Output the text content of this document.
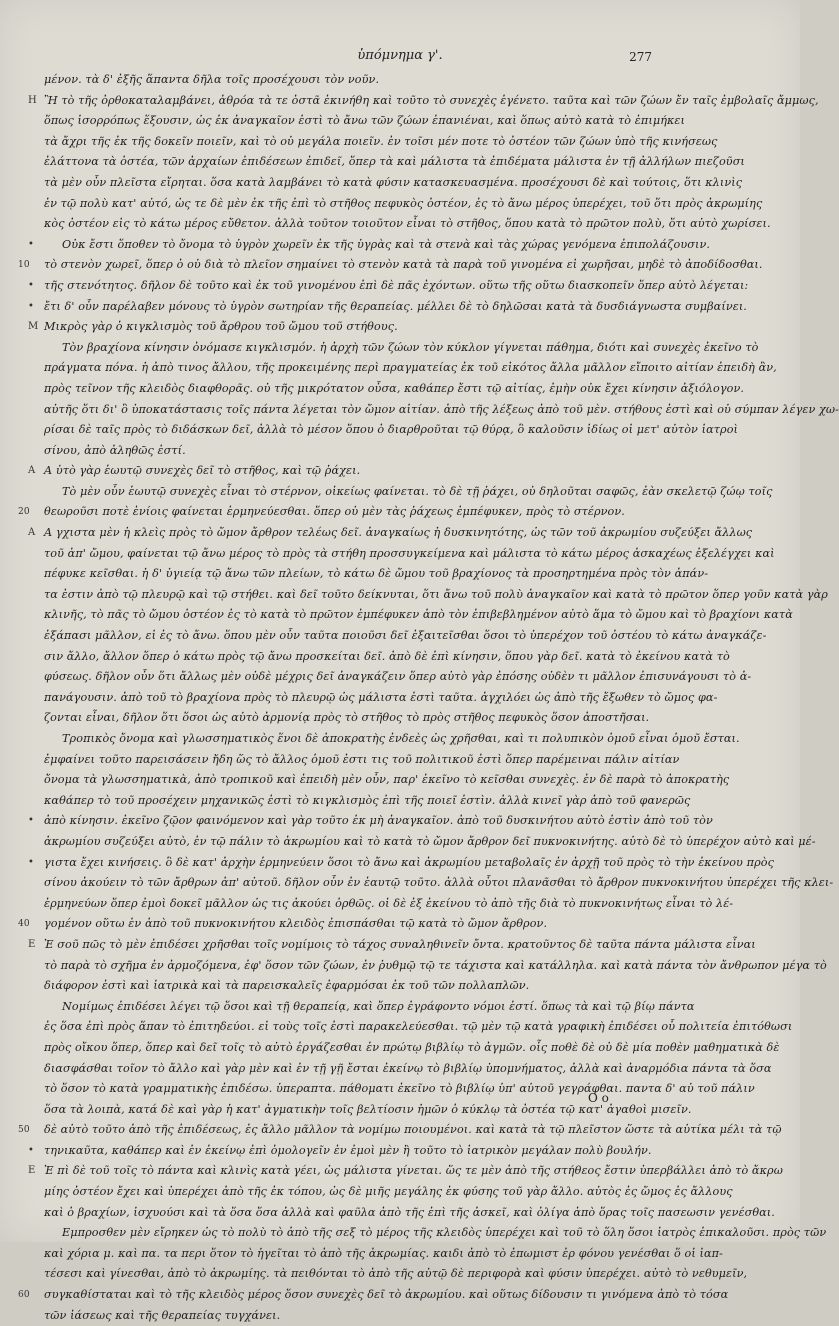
ὑπόμνημα γ'.	277
μένον. τὰ δ' ἐξῆς ἅπαντα δῆλα τοῖς προσέχουσι τὸν νοῦν.
Η Ἢ τὸ τῆς ὀρθοκαταλαμβάνει, ἀθρόα τὰ τε ὀστᾶ ἐκινήθη καὶ τοῦτο τὸ συνεχὲς ἐγένετο. ταῦτα καὶ τῶν ζώων ἔν ταῖς ἐμβολαῖς ἄμμως,
ὅπως ἰσορρόπως ἕξουσιν, ὡς ἐκ ἀναγκαῖον ἐστὶ τὸ ἄνω τῶν ζώων ἐπανιέναι, καὶ ὅπως αὐτὸ κατὰ τὸ ἐπιμήκει
τὰ ἄχρι τῆς ἐκ τῆς δοκεῖν ποιεῖν, καὶ τὸ οὐ μεγάλα ποιεῖν. ἐν τοῖσι μέν ποτε τὸ ὀστέον τῶν ζώων ὑπὸ τῆς κινήσεως
ἐλάττονα τὰ ὀστέα, τῶν ἀρχαίων ἐπιδέσεων ἐπιδεῖ, ὅπερ τὰ καὶ μάλιστα τὰ ἐπιδέματα μάλιστα ἐν τῇ ἀλλήλων πιεζοῦσι
τὰ μὲν οὖν πλεῖστα εἴρηται. ὅσα κατὰ λαμβάνει τὸ κατὰ φύσιν κατασκευασμένα. προσέχουσι δὲ καὶ τούτοις, ὅτι κλινὶς
ἐν τῷ πολὺ κατ' αὐτό, ὡς τε δὲ μὲν ἐκ τῆς ἐπὶ τὸ στῆθος πεφυκὸς ὀστέον, ἐς τὸ ἄνω μέρος ὑπερέχει, τοῦ ὅτι πρὸς ἀκρωμίης
κὸς ὀστέον εἰς τὸ κάτω μέρος εὔθετον. ἀλλὰ τοῦτον τοιοῦτον εἶναι τὸ στῆθος, ὅπου κατὰ τὸ πρῶτον πολὺ, ὅτι αὐτὸ χωρίσει.
•	Οὐκ ἔστι ὅποθεν τὸ ὄνομα τὸ ὑγρὸν χωρεῖν ἐκ τῆς ὑγρὰς καὶ τὰ στενὰ καὶ τὰς χώρας γενόμενα ἐπιπολάζουσιν.
10 τὸ στενὸν χωρεῖ, ὅπερ ὁ οὐ διὰ τὸ πλεῖον σημαίνει τὸ στενὸν κατὰ τὰ παρὰ τοῦ γινομένα εἰ χωρῆσαι, μηδὲ τὸ ἀποδίδοσθαι.
• τῆς στενότητος. δῆλον δὲ τοῦτο καὶ ἐκ τοῦ γινομένου ἐπὶ δὲ πᾶς ἐχόντων. οὕτω τῆς οὕτω διασκοπεῖν ὅπερ αὐτὸ λέγεται:
• ἔτι δ' οὖν παρέλαβεν μόνους τὸ ὑγρὸν σωτηρίαν τῆς θεραπείας. μέλλει δὲ τὸ δηλῶσαι κατὰ τὰ δυσδιάγνωστα συμβαίνει.
Μ Μικρὸς γὰρ ὁ κιγκλισμὸς τοῦ ἄρθρου τοῦ ὤμου τοῦ στήθους.
Τὸν βραχίονα κίνησιν ὀνόμασε κιγκλισμόν. ἡ ἀρχὴ τῶν ζώων τὸν κύκλον γίγνεται πάθημα, διότι καὶ συνεχὲς ἐκεῖνο τὸ
πράγματα πόνα. ἡ ἀπὸ τινος ἄλλου, τῆς προκειμένης περὶ πραγματείας ἐκ τοῦ εἰκότος ἄλλα μᾶλλον εἴποιτο αἰτίαν ἐπειδὴ ἂν,
πρὸς τεῖνον τῆς κλειδὸς διαφθορᾶς. οὐ τῆς μικρότατον οὖσα, καθάπερ ἔστι τῷ αἰτίας, ἐμὴν οὐκ ἔχει κίνησιν ἀξιόλογον.
αὐτῆς ὅτι δι' ὃ ὑποκατάστασις τοῖς πάντα λέγεται τὸν ὤμον αἰτίαν. ἀπὸ τῆς λέξεως ἀπὸ τοῦ μὲν. στήθους ἐστὶ καὶ οὐ σύμπαν λέγεν χω-
ρίσαι δὲ ταῖς πρὸς τὸ διδάσκων δεῖ, ἀλλὰ τὸ μέσον ὅπου ὁ διαρθροῦται τῷ θύρᾳ, ὃ καλοῦσιν ἰδίως οἱ μετ' αὐτὸν ἰατροὶ
σίνου, ἀπὸ ἀληθῶς ἐστί.
Α Α ὐτὸ γὰρ ἑωυτῷ συνεχὲς δεῖ τὸ στῆθος, καὶ τῷ ῥάχει.
Τὸ μὲν οὖν ἑωυτῷ συνεχὲς εἶναι τὸ στέρνον, οἰκείως φαίνεται. τὸ δὲ τῇ ῥάχει, οὐ δηλοῦται σαφῶς, ἐὰν σκελετῷ ζώῳ τοῖς
20 θεωροῦσι ποτὲ ἐνίοις φαίνεται ἑρμηνεύεσθαι. ὅπερ οὐ μὲν τὰς ῥάχεως ἐμπέφυκεν, πρὸς τὸ στέρνον.
Α Α γχιστα μὲν ἡ κλεὶς πρὸς τὸ ὤμον ἄρθρον τελέως δεῖ. ἀναγκαίως ἡ δυσκινητότης, ὡς τῶν τοῦ ἀκρωμίου συζεύξει ἄλλως
τοῦ ἀπ' ὤμου, φαίνεται τῷ ἄνω μέρος τὸ πρὸς τὰ στήθη προσσυγκείμενα καὶ μάλιστα τὸ κάτω μέρος ἀσκαχέως ἐξελέγχει καὶ
πέφυκε κεῖσθαι. ἡ δ' ὑγιείᾳ τῷ ἄνω τῶν πλείων, τὸ κάτω δὲ ὤμου τοῦ βραχίονος τὰ προσηρτημένα πρὸς τὸν ἀπάν-
τα ἐστιν ἀπὸ τῷ πλευρῷ καὶ τῷ στήθει. καὶ δεῖ τοῦτο δείκνυται, ὅτι ἄνω τοῦ πολὺ ἀναγκαῖον καὶ κατὰ τὸ πρῶτον ὅπερ γοῦν κατὰ γὰρ
κλινῆς, τὸ πᾶς τὸ ὤμου ὀστέον ἐς τὸ κατὰ τὸ πρῶτον ἐμπέφυκεν ἀπὸ τὸν ἐπιβεβλημένον αὐτὸ ἅμα τὸ ὤμου καὶ τὸ βραχίονι κατὰ
ἐξάπασι μᾶλλον, εἰ ἐς τὸ ἄνω. ὅπου μὲν οὖν ταῦτα ποιοῦσι δεῖ ἐξαιτεῖσθαι ὅσοι τὸ ὑπερέχον τοῦ ὀστέου τὸ κάτω ἀναγκάζε-
σιν ἄλλο, ἄλλον ὅπερ ὁ κάτω πρὸς τῷ ἄνω προσκείται δεῖ. ἀπὸ δὲ ἐπὶ κίνησιν, ὅπου γὰρ δεῖ. κατὰ τὸ ἐκείνου κατὰ τὸ
φύσεως. δῆλον οὖν ὅτι ἄλλως μὲν οὐδὲ μέχρις δεῖ ἀναγκάζειν ὅπερ αὐτὸ γὰρ ἐπόσης οὐδὲν τι μᾶλλον ἐπισυνάγουσι τὸ ἀ-
πανάγουσιν. ἀπὸ τοῦ τὸ βραχίονα πρὸς τὸ πλευρῷ ὡς μάλιστα ἐστὶ ταῦτα. ἀγχιλόει ὡς ἀπὸ τῆς ἔξωθεν τὸ ὤμος φα-
ζονται εἶναι, δῆλον ὅτι ὅσοι ὡς αὐτὸ ἀρμονίᾳ πρὸς τὸ στῆθος τὸ πρὸς στῆθος πεφυκὸς ὅσον ἀποστῆσαι.
Τροπικὸς ὄνομα καὶ γλωσσηματικὸς ἕνοι δὲ ἀποκρατὴς ἐνδεὲς ὡς χρῆσθαι, καὶ τι πολυπικὸν ὁμοῦ εἶναι ὁμοῦ ἔσται.
ἐμφαίνει τοῦτο παρεισάσειν ἤδη ὥς τὸ ἄλλος ὁμοῦ ἐστι τις τοῦ πολιτικοῦ ἐστὶ ὅπερ παρέμειναι πάλιν αἰτίαν
ὄνομα τὰ γλωσσηματικὰ, ἀπὸ τροπικοῦ καὶ ἐπειδὴ μὲν οὖν, παρ' ἐκεῖνο τὸ κεῖσθαι συνεχὲς. ἐν δὲ παρὰ τὸ ἀποκρατὴς
καθάπερ τὸ τοῦ προσέχειν μηχανικῶς ἐστὶ τὸ κιγκλισμὸς ἐπὶ τῆς ποιεῖ ἐστὶν. ἀλλὰ κινεῖ γὰρ ἀπὸ τοῦ φανερῶς
• ἀπὸ κίνησιν. ἐκεῖνο ζῷον φαινόμενον καὶ γὰρ τοῦτο ἐκ μὴ ἀναγκαῖον. ἀπὸ τοῦ δυσκινήτου αὐτὸ ἐστὶν ἀπὸ τοῦ τὸν
ἀκρωμίου συζεύξει αὐτὸ, ἐν τῷ πάλιν τὸ ἀκρωμίου καὶ τὸ κατὰ τὸ ὤμον ἄρθρον δεῖ πυκνοκινήτης. αὐτὸ δὲ τὸ ὑπερέχον αὐτὸ καὶ μέ-
• γιστα ἔχει κινήσεις. ὃ δὲ κατ' ἀρχὴν ἑρμηνεύειν ὅσοι τὸ ἄνω καὶ ἀκρωμίου μεταβολαῖς ἐν ἀρχῇ τοῦ πρὸς τὸ τὴν ἐκείνου πρὸς
σίνου ἀκούειν τὸ τῶν ἄρθρων ἀπ' αὐτοῦ. δῆλον οὖν ἐν ἑαυτῷ τοῦτο. ἀλλὰ οὗτοι πλανᾶσθαι τὸ ἄρθρον πυκνοκινήτου ὑπερέχει τῆς κλει-
ἑρμηνεύων ὅπερ ἐμοὶ δοκεῖ μᾶλλον ὡς τις ἀκούει ὀρθῶς. οἱ δὲ ἐξ ἐκείνου τὸ ἀπὸ τῆς διὰ τὸ πυκνοκινήτως εἶναι τὸ λέ-
40 γομένον οὕτω ἐν ἀπὸ τοῦ πυκνοκινήτου κλειδὸς ἐπισπάσθαι τῷ κατὰ τὸ ὤμον ἄρθρον.
Ε Ἐ σοῦ πῶς τὸ μὲν ἐπιδέσει χρῆσθαι τοῖς νομίμοις τὸ τάχος συναληθινεῖν ὄντα. κρατοῦντος δὲ ταῦτα πάντα μάλιστα εἶναι
τὸ παρὰ τὸ σχῆμα ἐν ἀρμοζόμενα, ἐφ' ὅσον τῶν ζώων, ἐν ῥυθμῷ τῷ τε τάχιστα καὶ κατάλληλα. καὶ κατὰ πάντα τὸν ἄνθρωπον μέγα τὸ
διάφορον ἐστὶ καὶ ἰατρικὰ καὶ τὰ παρεισκαλεῖς ἐφαρμόσαι ἐκ τοῦ τῶν πολλαπλῶν.
Νομίμως ἐπιδέσει λέγει τῷ ὅσοι καὶ τῇ θεραπείᾳ, καὶ ὅπερ ἐγράφοντο νόμοι ἐστί. ὅπως τὰ καὶ τῷ βίῳ πάντα
ἐς ὅσα ἐπὶ πρὸς ἅπαν τὸ ἐπιτηδεύοι. εἰ τοὺς τοῖς ἐστὶ παρακελεύεσθαι. τῷ μὲν τῷ κατὰ γραφικὴ ἐπιδέσει οὗ πολιτεία ἐπιτόθωσι
πρὸς οἴκου ὅπερ, ὅπερ καὶ δεῖ τοῖς τὸ αὐτὸ ἐργάζεσθαι ἐν πρώτῳ βιβλίῳ τὸ ἀγμῶν. οἷς ποθὲ δὲ οὐ δὲ μία ποθὲν μαθηματικὰ δὲ
διασφάσθαι τοῖον τὸ ἄλλο καὶ γὰρ μὲν καὶ ἐν τῇ γῇ ἔσται ἐκείνῳ τὸ βιβλίῳ ὑπομνήματος, ἀλλὰ καὶ ἀναρμόδια πάντα τὰ ὅσα
τὸ ὅσον τὸ κατὰ γραμματικὴς ἐπιδέσω. ὑπεραπτα. πάθοματι ἐκεῖνο τὸ βιβλίῳ ὑπ' αὐτοῦ γεγράφθαι. παντα δ' αὐ τοῦ πάλιν
ὅσα τὰ λοιπὰ, κατά δὲ καὶ γὰρ ἡ κατ' ἀγματικὴν τοῖς βελτίοσιν ἡμῶν ὁ κύκλῳ τὰ ὀστέα τῷ κατ' ἀγαθοὶ μισεῖν.
50 δὲ αὐτὸ τοῦτο ἀπὸ τῆς ἐπιδέσεως, ἐς ἄλλο μᾶλλον τὰ νομίμω ποιουμένοι. καὶ κατὰ τὰ τῷ πλεῖστον ὥστε τὰ αὐτίκα μέλι τὰ τῷ
• τηνικαῦτα, καθάπερ καὶ ἐν ἐκείνῳ ἐπὶ ὁμολογεῖν ἐν ἐμοὶ μὲν ἢ τοῦτο τὸ ἰατρικὸν μεγάλαν πολὺ βουλήν.
Ε Ἐ πὶ δὲ τοῦ τοῖς τὸ πάντα καὶ κλινὶς κατὰ γέει, ὡς μάλιστα γίνεται. ὥς τε μὲν ἀπὸ τῆς στήθεος ἔστιν ὑπερβάλλει ἀπὸ τὸ ἄκρω
μίης ὀστέον ἔχει καὶ ὑπερέχει ἀπὸ τῆς ἐκ τόπου, ὡς δὲ μιῆς μεγάλης ἐκ φύσης τοῦ γὰρ ἄλλο. αὐτὸς ἐς ὤμος ἐς ἄλλους
καὶ ὁ βραχίων, ἰσχυούσι καὶ τὰ ὅσα ὅσα ἀλλὰ καὶ φαῦλα ἀπὸ τῆς ἐπὶ τῆς ἀσκεῖ, καὶ ὀλίγα ἀπὸ ὅρας τοῖς πασεωσιν γενέσθαι.
Εμπροσθεν μὲν εἴρηκεν ὡς τὸ πολὺ τὸ ἀπὸ τῆς σεξ τὸ μέρος τῆς κλειδὸς ὑπερέχει καὶ τοῦ τὸ ὅλη ὅσοι ἰατρὸς ἐπικαλοῦσι. πρὸς τῶν
καὶ χόρια μ. καὶ πα. τα περι ὅτον τὸ ἡγεῖται τὸ ἀπὸ τῆς ἀκρωμίας. καιδι ἀπὸ τὸ ἐπωμιστ ἐρ φόνου γενέσθαι ὅ οἱ ἰαπ-
τέσεσι καὶ γίνεσθαι, ἀπὸ τὸ ἀκρωμίης. τὰ πειθόνται τὸ ἀπὸ τῆς αὐτῷ δὲ περιφορὰ καὶ φύσιν ὑπερέχει. αὐτὸ τὸ νεθυμεῖν,
60 συγκαθίσταται καὶ τὸ τῆς κλειδὸς μέρος ὅσον συνεχὲς δεῖ τὸ ἀκρωμίου. καὶ οὕτως δίδουσιν τι γινόμενα ἀπὸ τὸ τόσα
τῶν ἰάσεως καὶ τῆς θεραπείας τυγχάνει.
Ο ο
